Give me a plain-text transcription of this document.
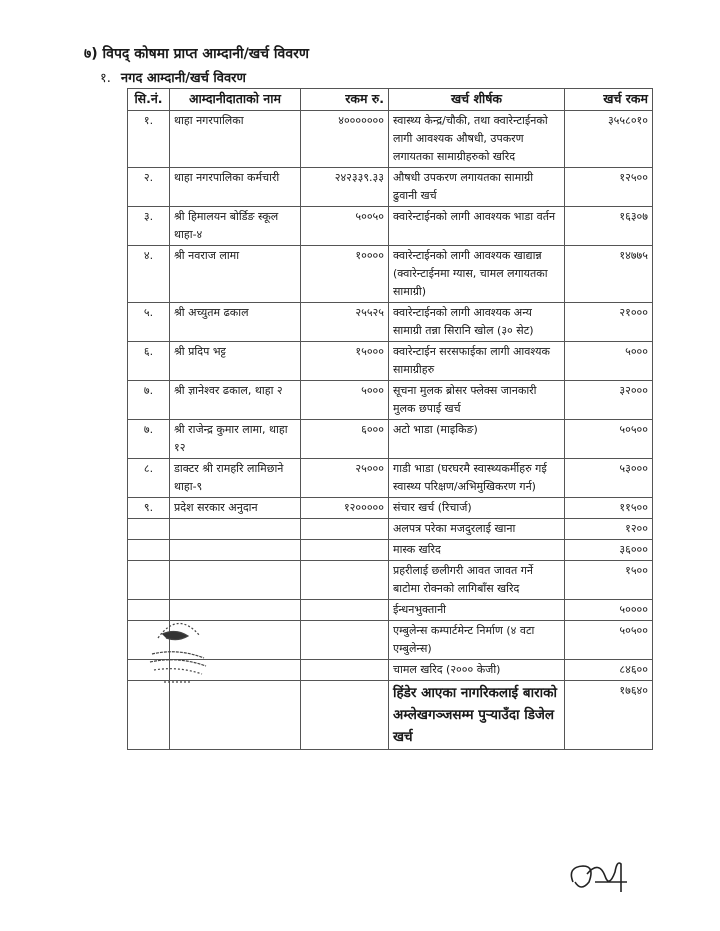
७) विपद् कोषमा प्राप्त आम्दानी/खर्च विवरण
१. नगद आम्दानी/खर्च विवरण
सि.नं.	आम्दानीदाताको नाम	रकम रु.	खर्च शीर्षक	खर्च रकम
१.	थाहा नगरपालिका	४०००००००	स्वास्थ्य केन्द्र/चौकी, तथा क्वारेन्टाईनको लागी आवश्यक औषधी, उपकरण लगायतका सामाग्रीहरुको खरिद	३५५८०१०
२.	थाहा नगरपालिका कर्मचारी	२४२३३९.३३	औषधी उपकरण लगायतका सामाग्री ढुवानी खर्च	१२५००
३.	श्री हिमालयन बोर्डिङ स्कूल थाहा-४	५००५०	क्वारेन्टाईनको लागी आवश्यक भाडा वर्तन	१६३०७
४.	श्री नवराज लामा	१००००	क्वारेन्टाईनको लागी आवश्यक खाद्यान्न (क्वारेन्टाईनमा ग्यास, चामल लगायतका सामाग्री)	१४७७५
५.	श्री अच्युतम ढकाल	२५५२५	क्वारेन्टाईनको लागी आवश्यक अन्य सामाग्री तन्ना सिरानि खोल (३० सेट)	२१०००
६.	श्री प्रदिप भट्ट	१५०००	क्वारेन्टाईन सरसफाईका लागी आवश्यक सामाग्रीहरु	५०००
७.	श्री ज्ञानेश्वर ढकाल, थाहा २	५०००	सूचना मुलक ब्रोसर फ्लेक्स जानकारी मुलक छपाई खर्च	३२०००
७.	श्री राजेन्द्र कुमार लामा, थाहा १२	६०००	अटो भाडा (माइकिङ)	५०५००
८.	डाक्टर श्री रामहरि लामिछाने थाहा-९	२५०००	गाडी भाडा (घरघरमै स्वास्थ्यकर्मीहरु गई स्वास्थ्य परिक्षण/अभिमुखिकरण गर्न)	५३०००
९.	प्रदेश सरकार अनुदान	१२०००००	संचार खर्च (रिचार्ज)	११५००
			अलपत्र परेका मजदुरलाई खाना	१२००
			मास्क खरिद	३६०००
			प्रहरीलाई छलीगरी आवत जावत गर्ने बाटोमा रोक्नको लागिबाँस खरिद	१५००
			ईन्धनभुक्तानी	५००००
			एम्बुलेन्स कम्पार्टमेन्ट निर्माण (४ वटा एम्बुलेन्स)	५०५००
			चामल खरिद (२००० केजी)	८४६००
			हिंडेर आएका नागरिकलाई बाराको अम्लेखगञ्जसम्म पुऱ्याउँदा डिजेल खर्च	१७६४०
